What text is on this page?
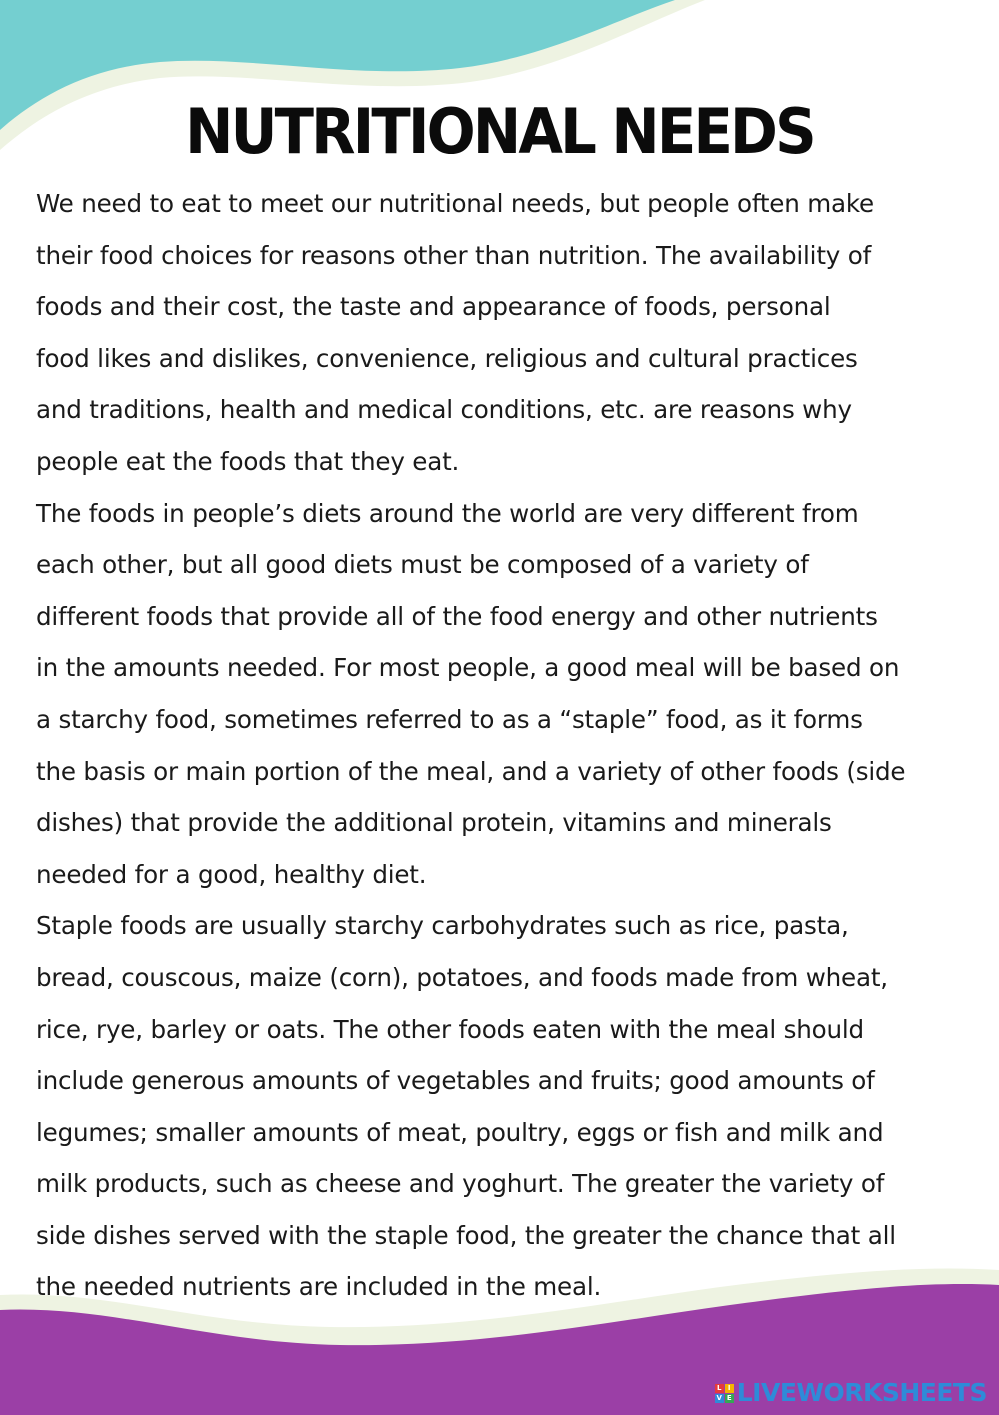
NUTRITIONAL NEEDS
We need to eat to meet our nutritional needs, but people often make
their food choices for reasons other than nutrition. The availability of
foods and their cost, the taste and appearance of foods, personal
food likes and dislikes, convenience, religious and cultural practices
and traditions, health and medical conditions, etc. are reasons why
people eat the foods that they eat.
The foods in people’s diets around the world are very different from
each other, but all good diets must be composed of a variety of
different foods that provide all of the food energy and other nutrients
in the amounts needed. For most people, a good meal will be based on
a starchy food, sometimes referred to as a “staple” food, as it forms
the basis or main portion of the meal, and a variety of other foods (side
dishes) that provide the additional protein, vitamins and minerals
needed for a good, healthy diet.
Staple foods are usually starchy carbohydrates such as rice, pasta,
bread, couscous, maize (corn), potatoes, and foods made from wheat,
rice, rye, barley or oats. The other foods eaten with the meal should
include generous amounts of vegetables and fruits; good amounts of
legumes; smaller amounts of meat, poultry, eggs or fish and milk and
milk products, such as cheese and yoghurt. The greater the variety of
side dishes served with the staple food, the greater the chance that all
the needed nutrients are included in the meal.
L I
V E LIVEWORKSHEETS
